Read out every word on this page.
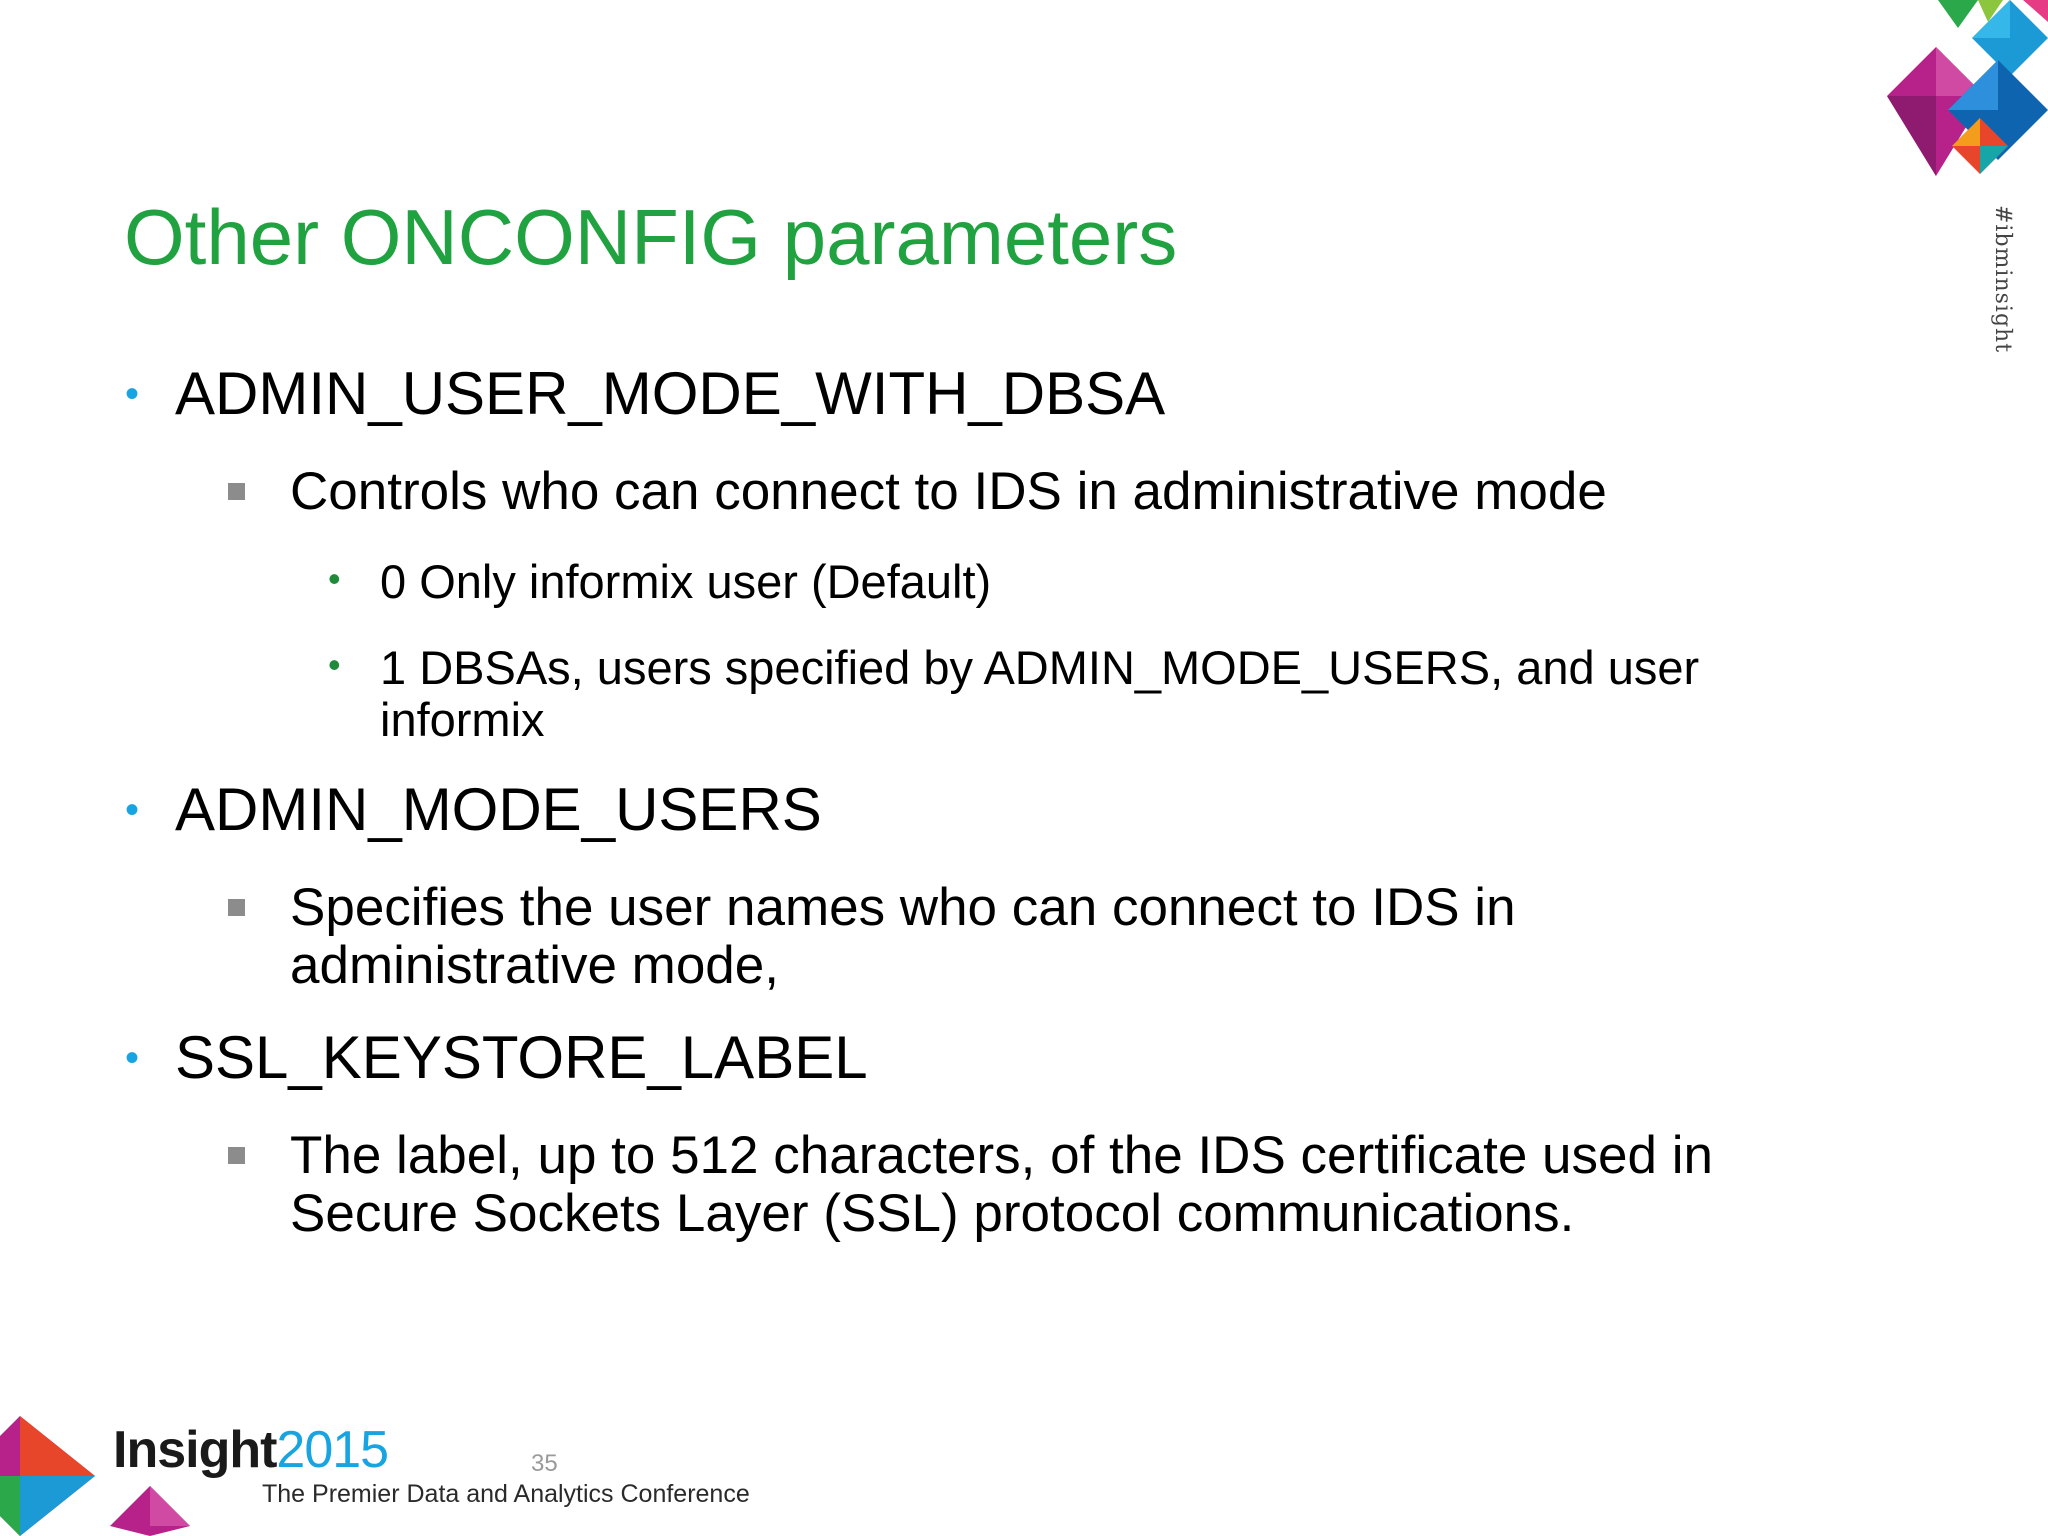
#ibminsight
Other ONCONFIG parameters
• ADMIN_USER_MODE_WITH_DBSA
Controls who can connect to IDS in administrative mode
• 0 Only informix user (Default)
• 1 DBSAs, users specified by ADMIN_MODE_USERS, and user informix
• ADMIN_MODE_USERS
Specifies the user names who can connect to IDS in administrative mode,
• SSL_KEYSTORE_LABEL
The label, up to 512 characters, of the IDS certificate used in Secure Sockets Layer (SSL) protocol communications.
Insight2015
The Premier Data and Analytics Conference
35
